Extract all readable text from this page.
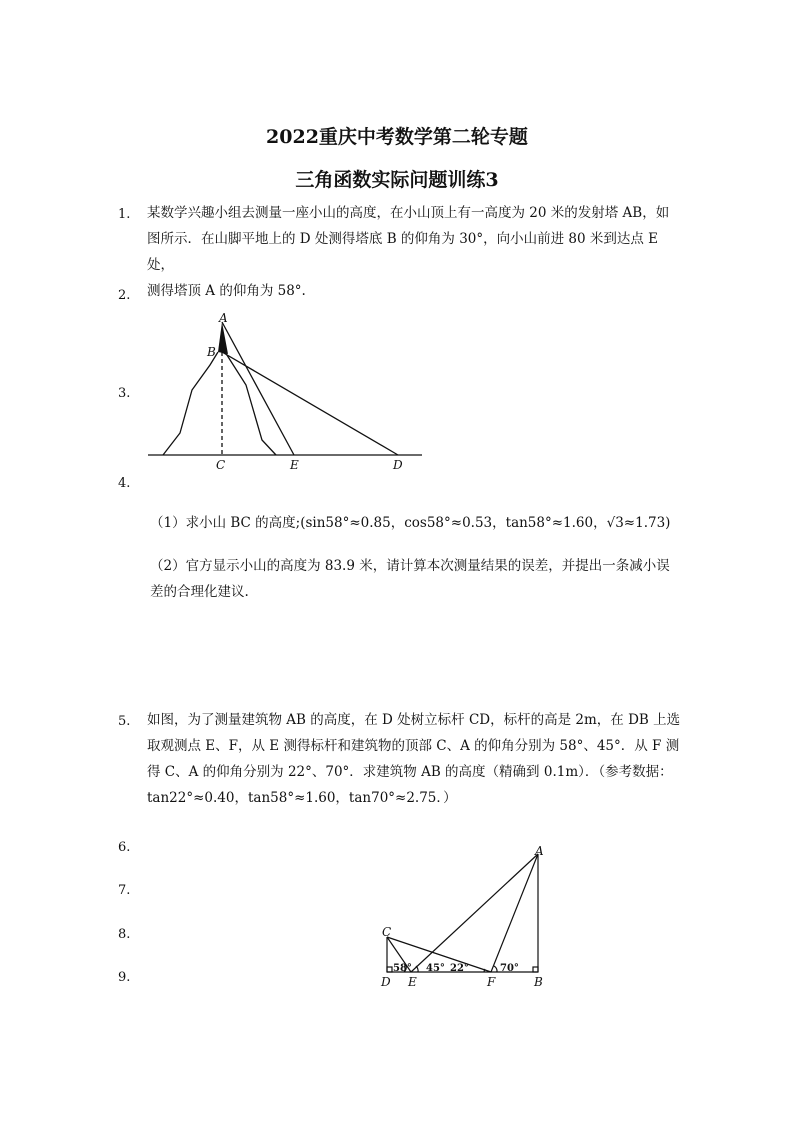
2022重庆中考数学第二轮专题
三角函数实际问题训练3
1. 某数学兴趣小组去测量一座小山的高度，在小山顶上有一高度为 20 米的发射塔 AB，如
图所示．在山脚平地上的 D 处测得塔底 B 的仰角为 30°，向小山前进 80 米到达点 E 处，
测得塔顶 A 的仰角为 58°.
2.
3.
4.
A
B
C	E	D
（1）求小山 BC 的高度;(sin58°≈0.85，cos58°≈0.53，tan58°≈1.60，√3≈1.73)
（2）官方显示小山的高度为 83.9 米，请计算本次测量结果的误差，并提出一条减小误
差的合理化建议.
5. 如图，为了测量建筑物 AB 的高度，在 D 处树立标杆 CD，标杆的高是 2m，在 DB 上选
取观测点 E、F，从 E 测得标杆和建筑物的顶部 C、A 的仰角分别为 58°、45°．从 F 测
得 C、A 的仰角分别为 22°、70°．求建筑物 AB 的高度（精确到 0.1m）．（参考数据：
tan22°≈0.40，tan58°≈1.60，tan70°≈2.75．）
6.
7.
8.
9.
A
C
D E	F	B
58° 45° 22°	70°
